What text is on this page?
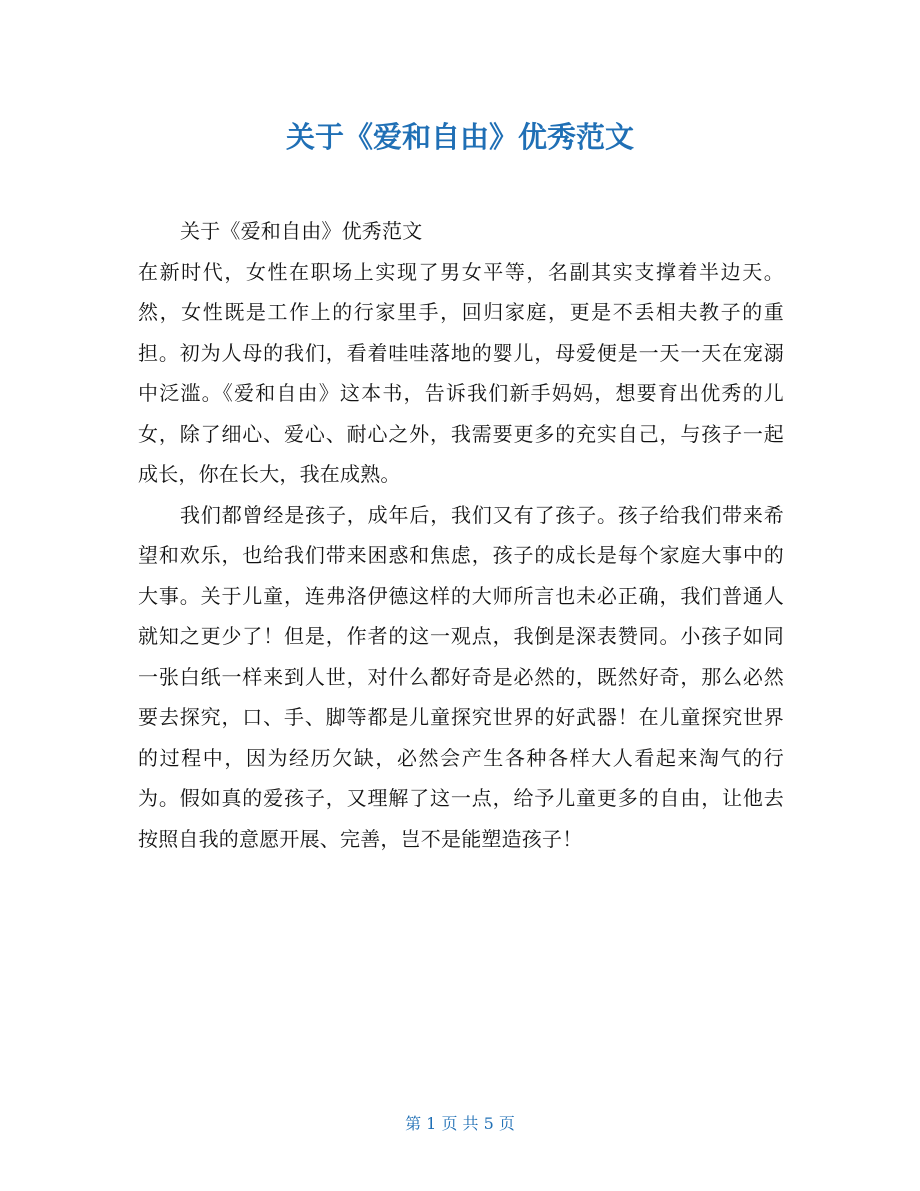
关于《爱和自由》优秀范文

关于《爱和自由》优秀范文

在新时代，女性在职场上实现了男女平等，名副其实支撑着半边天。然，女性既是工作上的行家里手，回归家庭，更是不丢相夫教子的重担。初为人母的我们，看着哇哇落地的婴儿，母爱便是一天一天在宠溺中泛滥。《爱和自由》这本书，告诉我们新手妈妈，想要育出优秀的儿女，除了细心、爱心、耐心之外，我需要更多的充实自己，与孩子一起成长，你在长大，我在成熟。

我们都曾经是孩子，成年后，我们又有了孩子。孩子给我们带来希望和欢乐，也给我们带来困惑和焦虑，孩子的成长是每个家庭大事中的大事。关于儿童，连弗洛伊德这样的大师所言也未必正确，我们普通人就知之更少了！但是，作者的这一观点，我倒是深表赞同。小孩子如同一张白纸一样来到人世，对什么都好奇是必然的，既然好奇，那么必然要去探究，口、手、脚等都是儿童探究世界的好武器！在儿童探究世界的过程中，因为经历欠缺，必然会产生各种各样大人看起来淘气的行为。假如真的爱孩子，又理解了这一点，给予儿童更多的自由，让他去按照自我的意愿开展、完善，岂不是能塑造孩子！

第 1 页 共 5 页
